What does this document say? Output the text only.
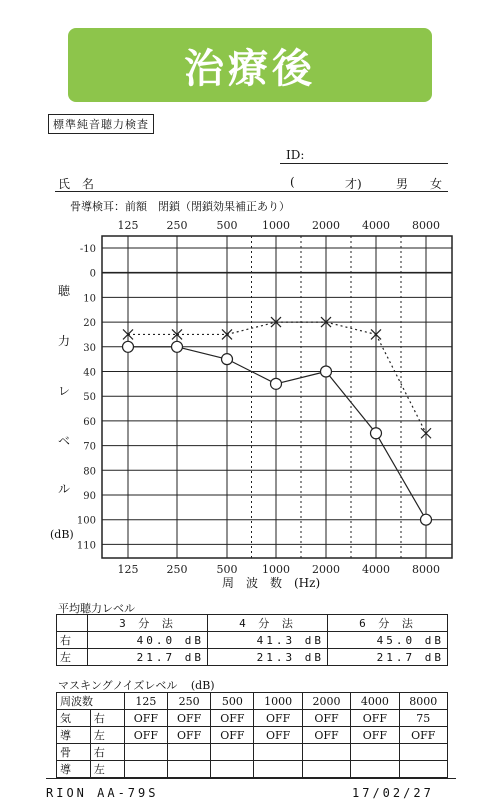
治療後
標準純音聴力検査
ID:
氏　名	(	才)	男 女
骨導検耳：前額　閉鎖（閉鎖効果補正あり）
聴
力
レ
ベ
ル
(dB)
-10
0
10
20
30
40
50
60
70
80
90
100
110
125
125
250
250
500
500
1000
1000
2000
2000
4000
4000
8000
8000
周　波　数　(Hz)
平均聴力レベル
	3 分 法	4 分 法	6 分 法
右	40.0 dB	41.3 dB	45.0 dB
左	21.7 dB	21.3 dB	21.7 dB
マスキングノイズレベル (dB)
周波数		125	250	500	1000	2000	4000	8000
気	右	OFF	OFF	OFF	OFF	OFF	OFF	75
導	左	OFF	OFF	OFF	OFF	OFF	OFF	OFF
骨	右							
導	左							
RION AA-79S	17/02/27
